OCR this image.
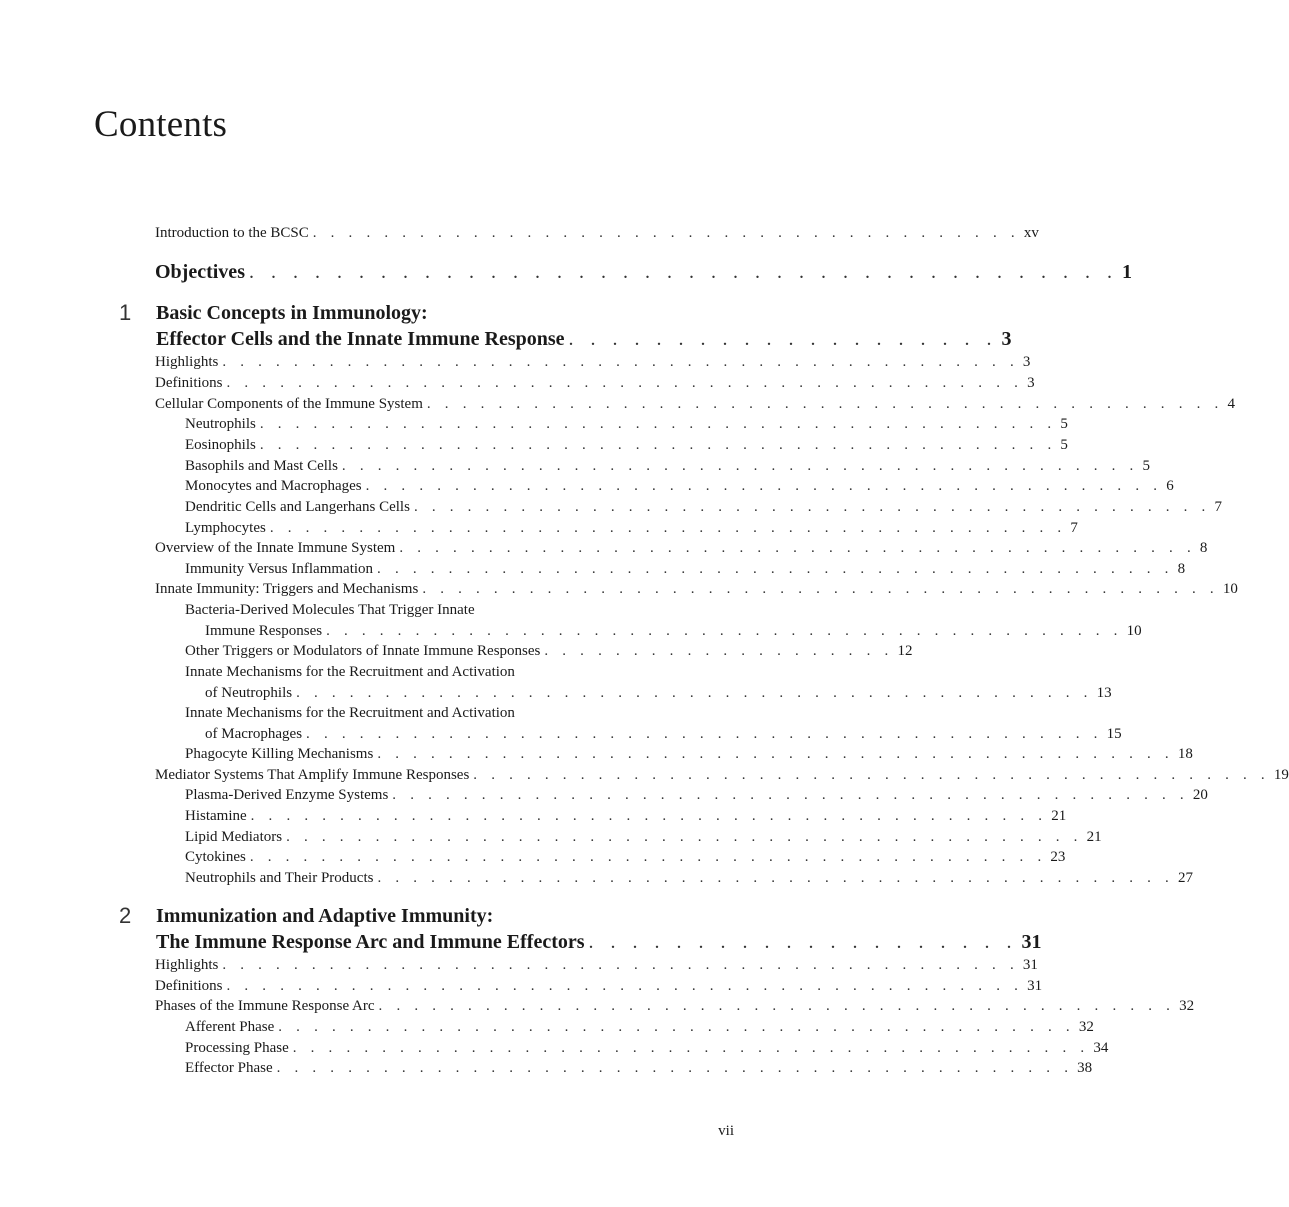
Contents
Introduction to the BCSC . . . . . . . . . . . . . . . . . . . . . . . . . . . . . . . . . . . . . . . . xv
Objectives . . . . . . . . . . . . . . . . . . . . . . . . . . . . . . . . . . . . . . . . 1
1 Basic Concepts in Immunology:
Effector Cells and the Innate Immune Response . . . . . . . . . . . . . . . . . . . . 3
Highlights . . . . . . . . . . . . . . . . . . . . . . . . . . . . . . . . . . . . . . . . . . . . . 3
Definitions . . . . . . . . . . . . . . . . . . . . . . . . . . . . . . . . . . . . . . . . . . . . . 3
Cellular Components of the Immune System . . . . . . . . . . . . . . . . . . . . . . . . . . . . . . . . . . . . . . . . . . . . . 4
Neutrophils . . . . . . . . . . . . . . . . . . . . . . . . . . . . . . . . . . . . . . . . . . . . . 5
Eosinophils . . . . . . . . . . . . . . . . . . . . . . . . . . . . . . . . . . . . . . . . . . . . . 5
Basophils and Mast Cells . . . . . . . . . . . . . . . . . . . . . . . . . . . . . . . . . . . . . . . . . . . . . 5
Monocytes and Macrophages . . . . . . . . . . . . . . . . . . . . . . . . . . . . . . . . . . . . . . . . . . . . . 6
Dendritic Cells and Langerhans Cells . . . . . . . . . . . . . . . . . . . . . . . . . . . . . . . . . . . . . . . . . . . . . 7
Lymphocytes . . . . . . . . . . . . . . . . . . . . . . . . . . . . . . . . . . . . . . . . . . . . . 7
Overview of the Innate Immune System . . . . . . . . . . . . . . . . . . . . . . . . . . . . . . . . . . . . . . . . . . . . . 8
Immunity Versus Inflammation . . . . . . . . . . . . . . . . . . . . . . . . . . . . . . . . . . . . . . . . . . . . . 8
Innate Immunity: Triggers and Mechanisms . . . . . . . . . . . . . . . . . . . . . . . . . . . . . . . . . . . . . . . . . . . . . 10
Bacteria-Derived Molecules That Trigger Innate
Immune Responses . . . . . . . . . . . . . . . . . . . . . . . . . . . . . . . . . . . . . . . . . . . . . 10
Other Triggers or Modulators of Innate Immune Responses . . . . . . . . . . . . . . . . . . . . 12
Innate Mechanisms for the Recruitment and Activation
of Neutrophils . . . . . . . . . . . . . . . . . . . . . . . . . . . . . . . . . . . . . . . . . . . . . 13
Innate Mechanisms for the Recruitment and Activation
of Macrophages . . . . . . . . . . . . . . . . . . . . . . . . . . . . . . . . . . . . . . . . . . . . . 15
Phagocyte Killing Mechanisms . . . . . . . . . . . . . . . . . . . . . . . . . . . . . . . . . . . . . . . . . . . . . 18
Mediator Systems That Amplify Immune Responses . . . . . . . . . . . . . . . . . . . . . . . . . . . . . . . . . . . . . . . . . . . . . 19
Plasma-Derived Enzyme Systems . . . . . . . . . . . . . . . . . . . . . . . . . . . . . . . . . . . . . . . . . . . . . 20
Histamine . . . . . . . . . . . . . . . . . . . . . . . . . . . . . . . . . . . . . . . . . . . . . 21
Lipid Mediators . . . . . . . . . . . . . . . . . . . . . . . . . . . . . . . . . . . . . . . . . . . . . 21
Cytokines . . . . . . . . . . . . . . . . . . . . . . . . . . . . . . . . . . . . . . . . . . . . . 23
Neutrophils and Their Products . . . . . . . . . . . . . . . . . . . . . . . . . . . . . . . . . . . . . . . . . . . . . 27
2 Immunization and Adaptive Immunity:
The Immune Response Arc and Immune Effectors . . . . . . . . . . . . . . . . . . . . 31
Highlights . . . . . . . . . . . . . . . . . . . . . . . . . . . . . . . . . . . . . . . . . . . . . 31
Definitions . . . . . . . . . . . . . . . . . . . . . . . . . . . . . . . . . . . . . . . . . . . . . 31
Phases of the Immune Response Arc . . . . . . . . . . . . . . . . . . . . . . . . . . . . . . . . . . . . . . . . . . . . . 32
Afferent Phase . . . . . . . . . . . . . . . . . . . . . . . . . . . . . . . . . . . . . . . . . . . . . 32
Processing Phase . . . . . . . . . . . . . . . . . . . . . . . . . . . . . . . . . . . . . . . . . . . . . 34
Effector Phase . . . . . . . . . . . . . . . . . . . . . . . . . . . . . . . . . . . . . . . . . . . . . 38
vii
